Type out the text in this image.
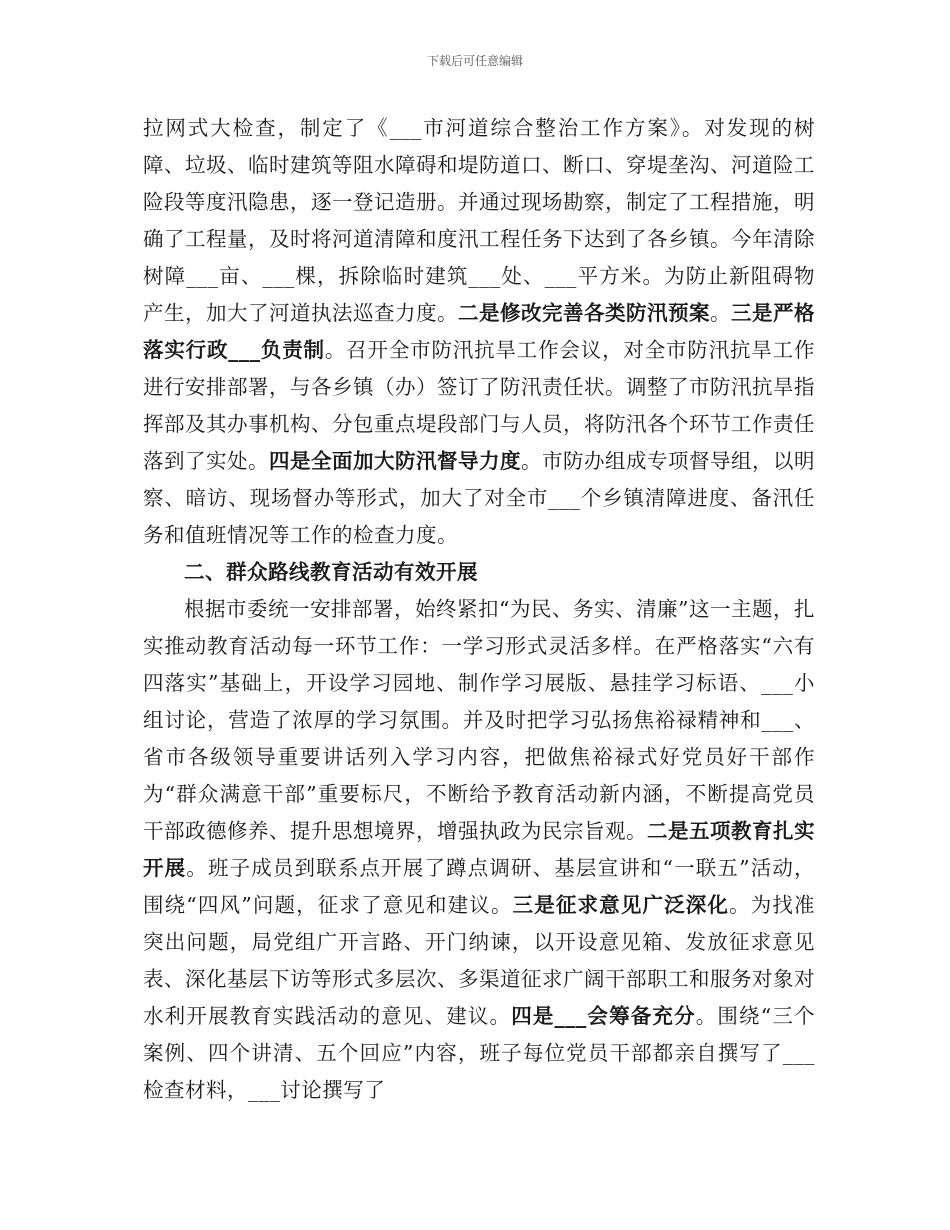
下载后可任意编辑

拉网式大检查，制定了《___市河道综合整治工作方案》。对发现的树障、垃圾、临时建筑等阻水障碍和堤防道口、断口、穿堤垄沟、河道险工险段等度汛隐患，逐一登记造册。并通过现场勘察，制定了工程措施，明确了工程量，及时将河道清障和度汛工程任务下达到了各乡镇。今年清除树障___亩、___棵，拆除临时建筑___处、___平方米。为防止新阻碍物产生，加大了河道执法巡查力度。二是修改完善各类防汛预案。三是严格落实行政___负责制。召开全市防汛抗旱工作会议，对全市防汛抗旱工作进行安排部署，与各乡镇（办）签订了防汛责任状。调整了市防汛抗旱指挥部及其办事机构、分包重点堤段部门与人员，将防汛各个环节工作责任落到了实处。四是全面加大防汛督导力度。市防办组成专项督导组，以明察、暗访、现场督办等形式，加大了对全市___个乡镇清障进度、备汛任务和值班情况等工作的检查力度。

二、群众路线教育活动有效开展

根据市委统一安排部署，始终紧扣“为民、务实、清廉”这一主题，扎实推动教育活动每一环节工作：一学习形式灵活多样。在严格落实“六有四落实”基础上，开设学习园地、制作学习展版、悬挂学习标语、___小组讨论，营造了浓厚的学习氛围。并及时把学习弘扬焦裕禄精神和___、省市各级领导重要讲话列入学习内容，把做焦裕禄式好党员好干部作为“群众满意干部”重要标尺，不断给予教育活动新内涵，不断提高党员干部政德修养、提升思想境界，增强执政为民宗旨观。二是五项教育扎实开展。班子成员到联系点开展了蹲点调研、基层宣讲和“一联五”活动，围绕“四风”问题，征求了意见和建议。三是征求意见广泛深化。为找准突出问题，局党组广开言路、开门纳谏，以开设意见箱、发放征求意见表、深化基层下访等形式多层次、多渠道征求广阔干部职工和服务对象对水利开展教育实践活动的意见、建议。四是___会筹备充分。围绕“三个案例、四个讲清、五个回应”内容，班子每位党员干部都亲自撰写了___检查材料，___讨论撰写了
